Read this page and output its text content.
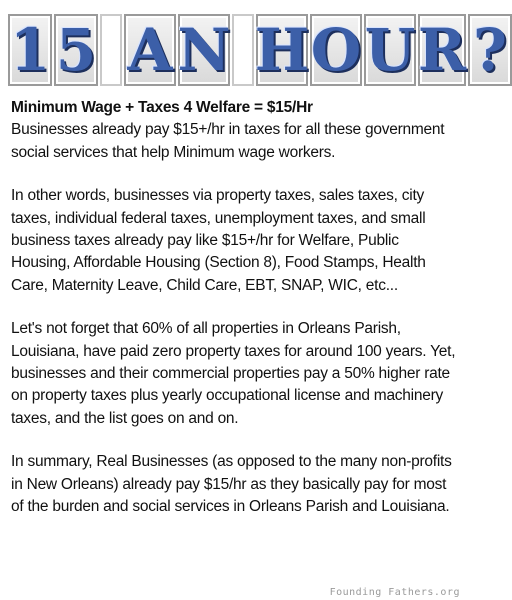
1 5 A N H O U R ?

Minimum Wage + Taxes 4 Welfare = $15/Hr

Businesses already pay $15+/hr in taxes for all these government social services that help Minimum wage workers.

In other words, businesses via property taxes, sales taxes, city taxes, individual federal taxes, unemployment taxes, and small business taxes already pay like $15+/hr for Welfare, Public Housing, Affordable Housing (Section 8), Food Stamps, Health Care, Maternity Leave, Child Care, EBT, SNAP, WIC, etc...

Let's not forget that 60% of all properties in Orleans Parish, Louisiana, have paid zero property taxes for around 100 years. Yet, businesses and their commercial properties pay a 50% higher rate on property taxes plus yearly occupational license and machinery taxes, and the list goes on and on.

In summary, Real Businesses (as opposed to the many non-profits in New Orleans) already pay $15/hr as they basically pay for most of the burden and social services in Orleans Parish and Louisiana.

Founding Fathers.org
